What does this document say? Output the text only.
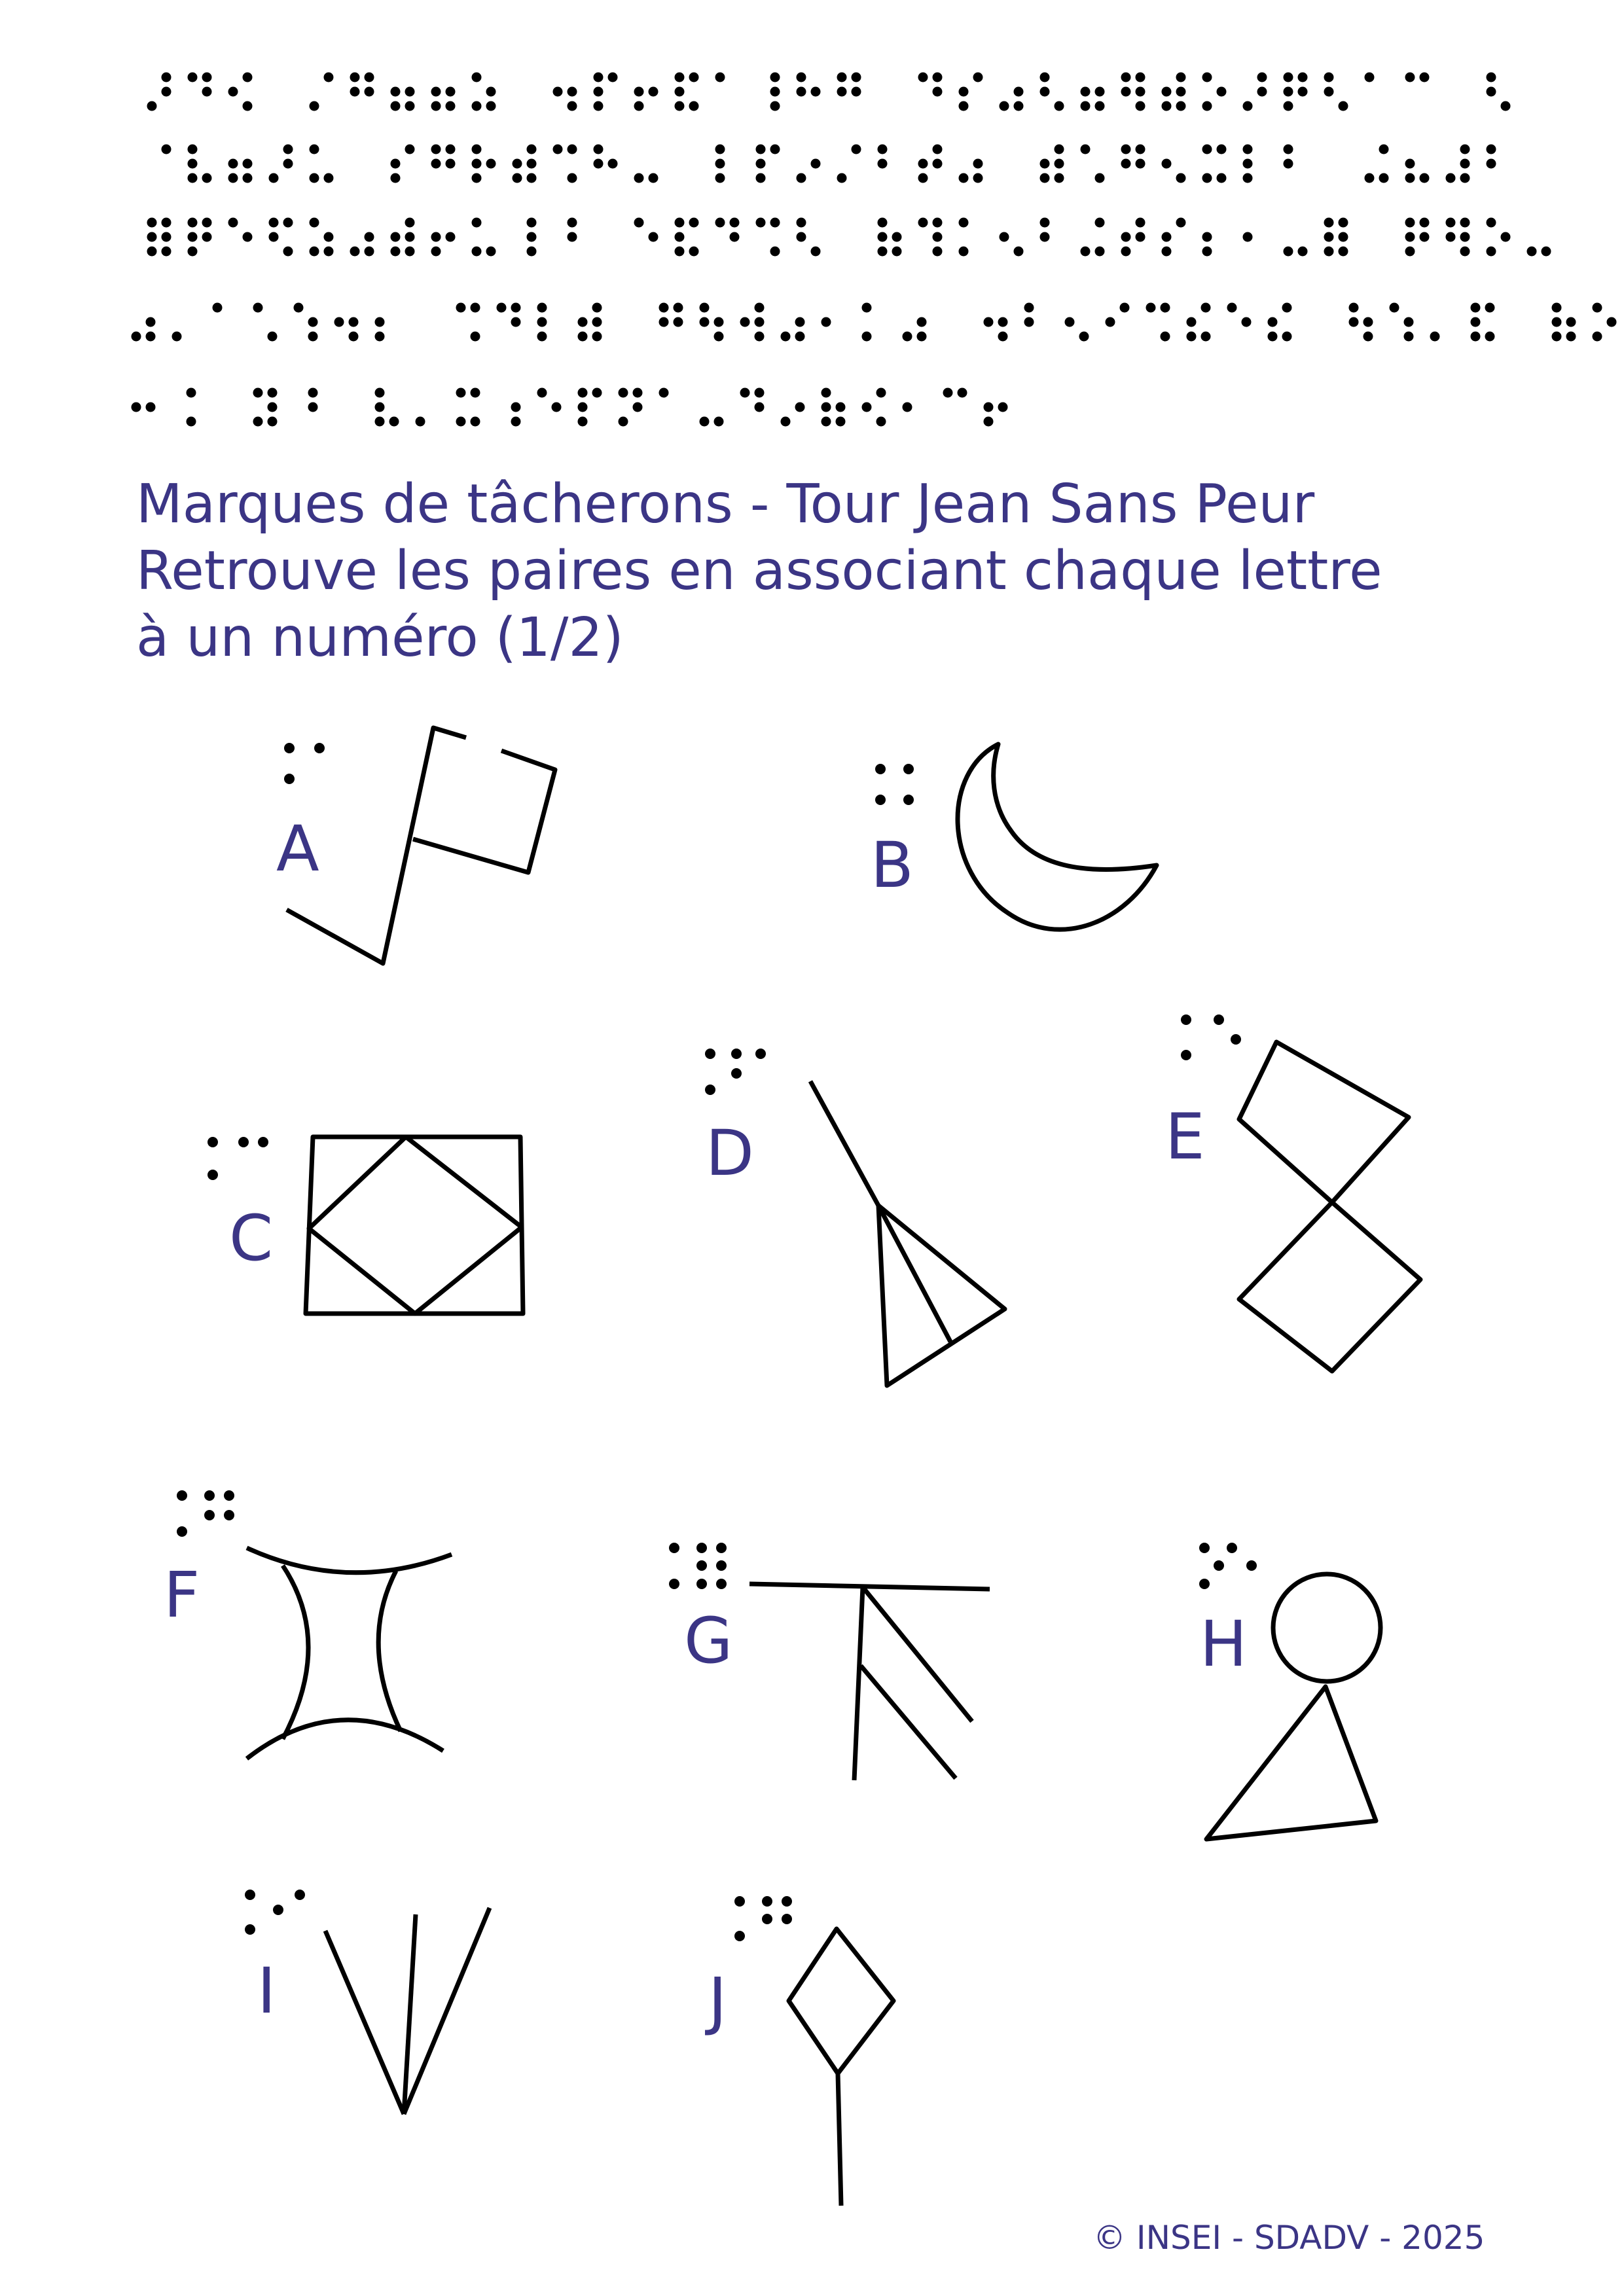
Marques de tâcherons - Tour Jean Sans Peur
Retrouve les paires en associant chaque lettre
à un numéro (1/2)
A	B
C
D	E
F
G	H
I	J
© INSEI - SDADV - 2025
